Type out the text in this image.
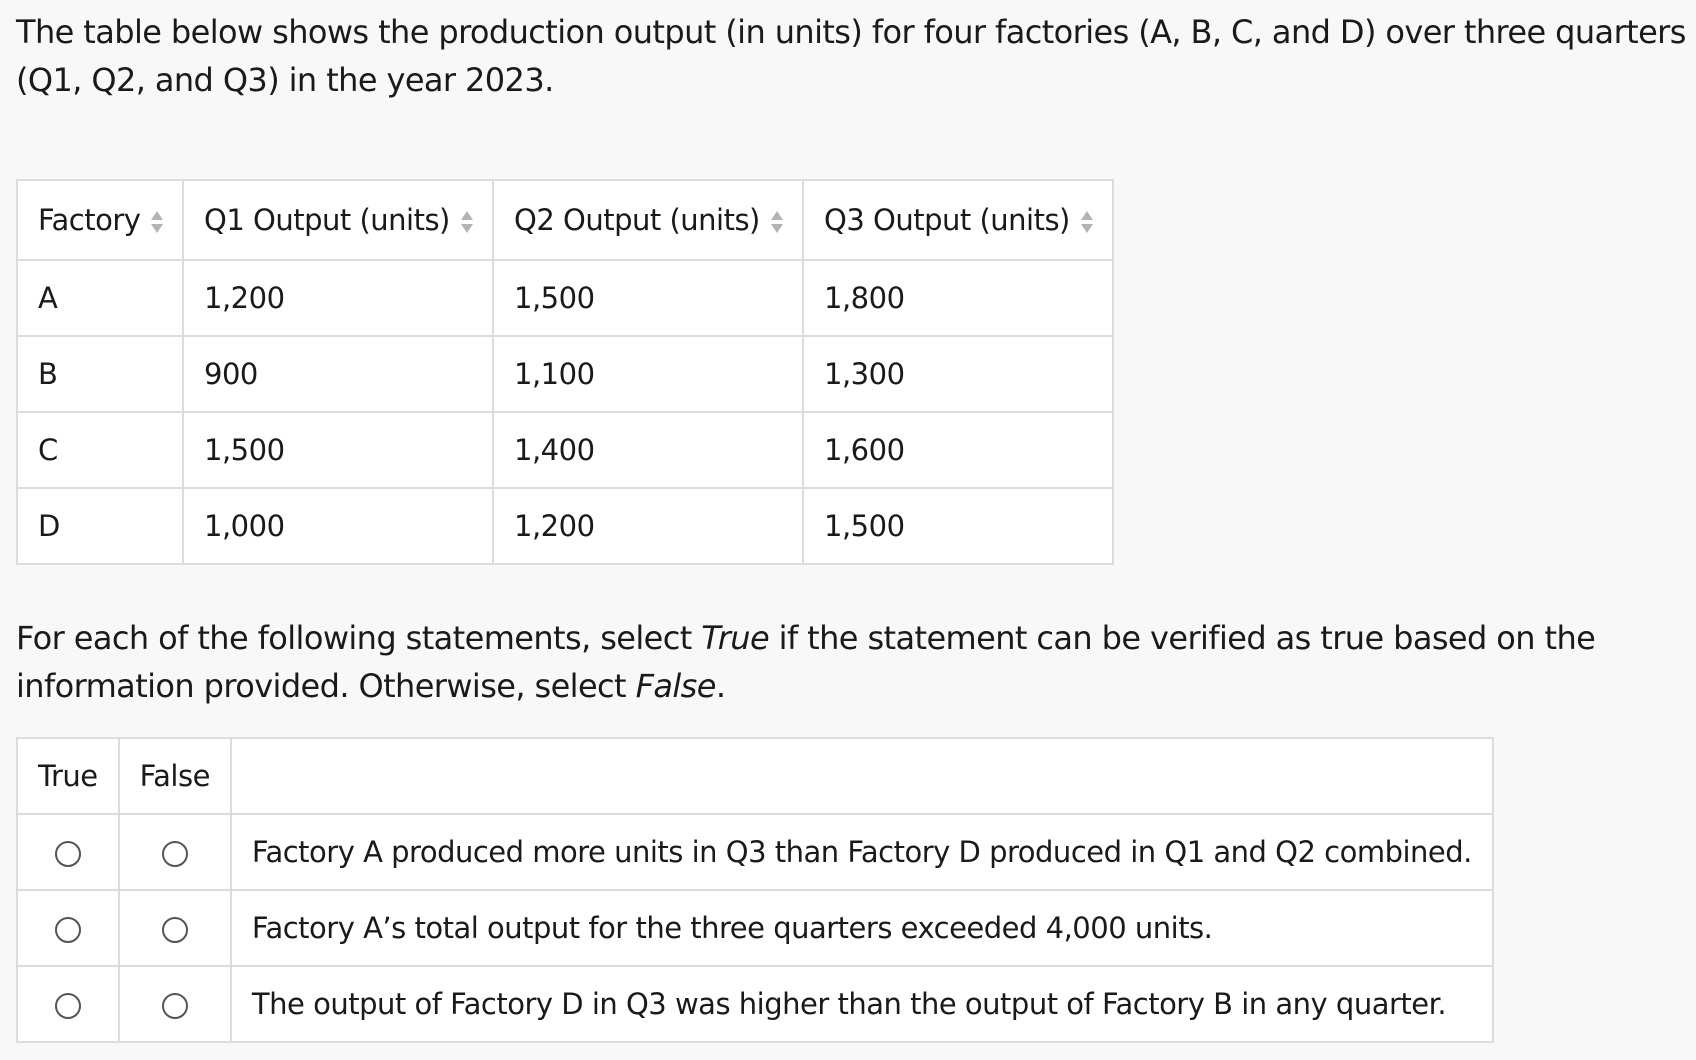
The table below shows the production output (in units) for four factories (A, B, C, and D) over three quarters (Q1, Q2, and Q3) in the year 2023.

Factory	Q1 Output (units)	Q2 Output (units)	Q3 Output (units)
A	1,200	1,500	1,800
B	900	1,100	1,300
C	1,500	1,400	1,600
D	1,000	1,200	1,500

For each of the following statements, select True if the statement can be verified as true based on the information provided. Otherwise, select False.

True	False	
		Factory A produced more units in Q3 than Factory D produced in Q1 and Q2 combined.
		Factory A’s total output for the three quarters exceeded 4,000 units.
		The output of Factory D in Q3 was higher than the output of Factory B in any quarter.
